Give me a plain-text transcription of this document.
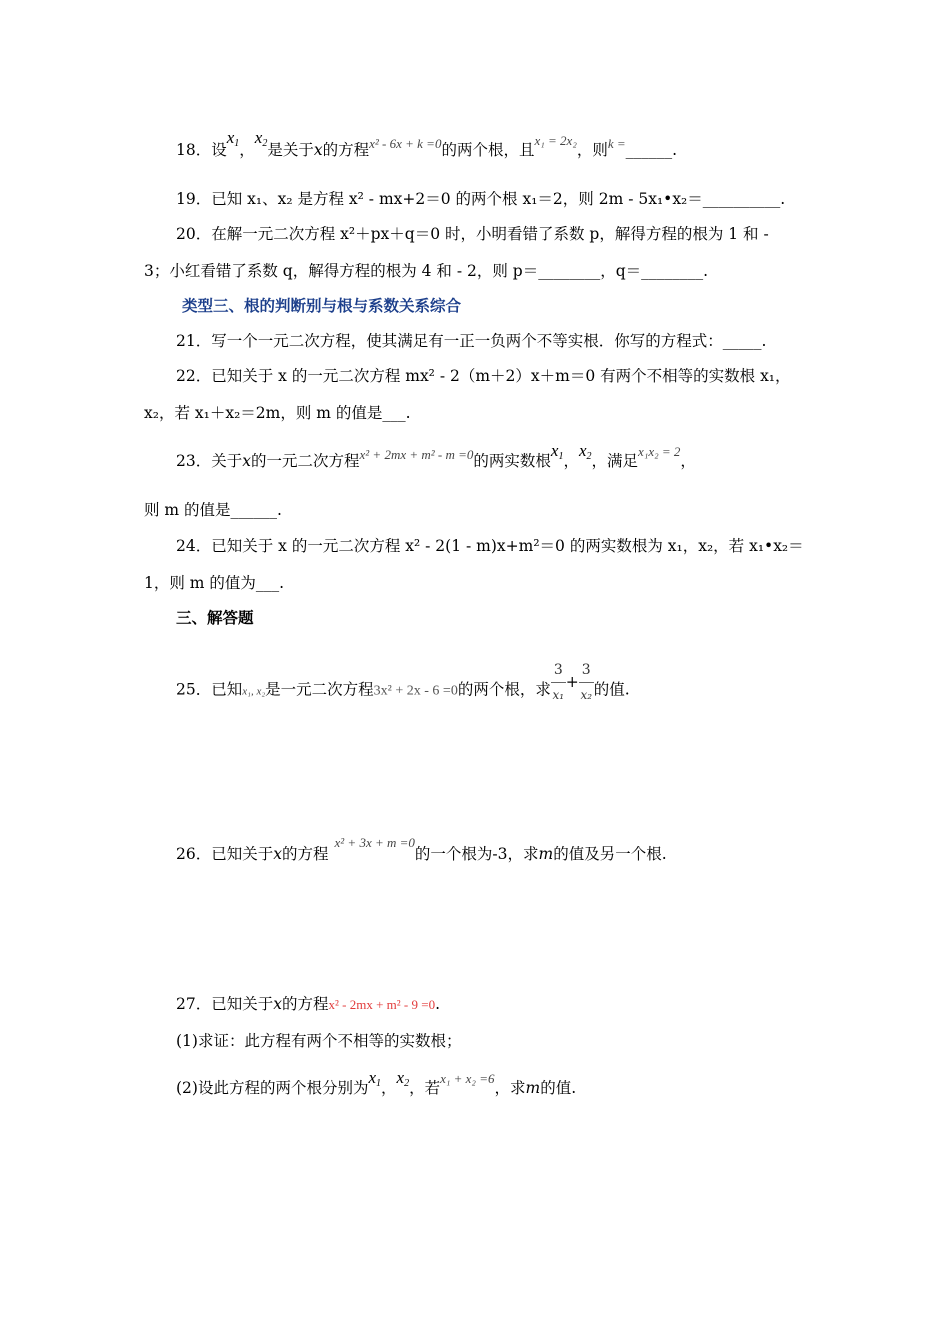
18．设$x_1$，$x_2$是关于x的方程$^{x^2 - 6x + k =0}$的两个根，且$^{x_1 = 2x_2}$，则$^{k =}$______.
19．已知 x₁、x₂ 是方程 x² - mx+2＝0 的两个根 x₁＝2，则 2m - 5x₁•x₂＝__________.
20．在解一元二次方程 x²＋px＋q＝0 时，小明看错了系数 p，解得方程的根为 1 和 -
3；小红看错了系数 q，解得方程的根为 4 和 - 2，则 p＝________，q＝________.
类型三、根的判断别与根与系数关系综合
21．写一个一元二次方程，使其满足有一正一负两个不等实根．你写的方程式：_____.
22．已知关于 x 的一元二次方程 mx² - 2（m＋2）x＋m＝0 有两个不相等的实数根 x₁，
x₂，若 x₁＋x₂＝2m，则 m 的值是___.
23．关于x的一元二次方程$^{x^2 + 2mx + m^2 - m =0}$的两实数根$x_1$，$x_2$，满足$^{x_1x_2 = 2}$，
则 m 的值是______.
24．已知关于 x 的一元二次方程 x² - 2(1 - m)x+m²＝0 的两实数根为 x₁，x₂，若 x₁•x₂＝
1，则 m 的值为___.
三、解答题
25．已知x₁, x₂是一元二次方程3x² + 2x - 6 =0的两个根，求 $\frac{3}{\text{x₁}} + \frac{3}{\text{x₂}}$ 的值.
26．已知关于x的方程$^{x^2 + 3x + m =0}$的一个根为-3，求m的值及另一个根.
27．已知关于x的方程x² - 2mx + m² - 9 =0.
(1)求证：此方程有两个不相等的实数根；
(2)设此方程的两个根分别为$x_1$，$x_2$，若$^{x_1 + x_2 =6}$，求m的值.
